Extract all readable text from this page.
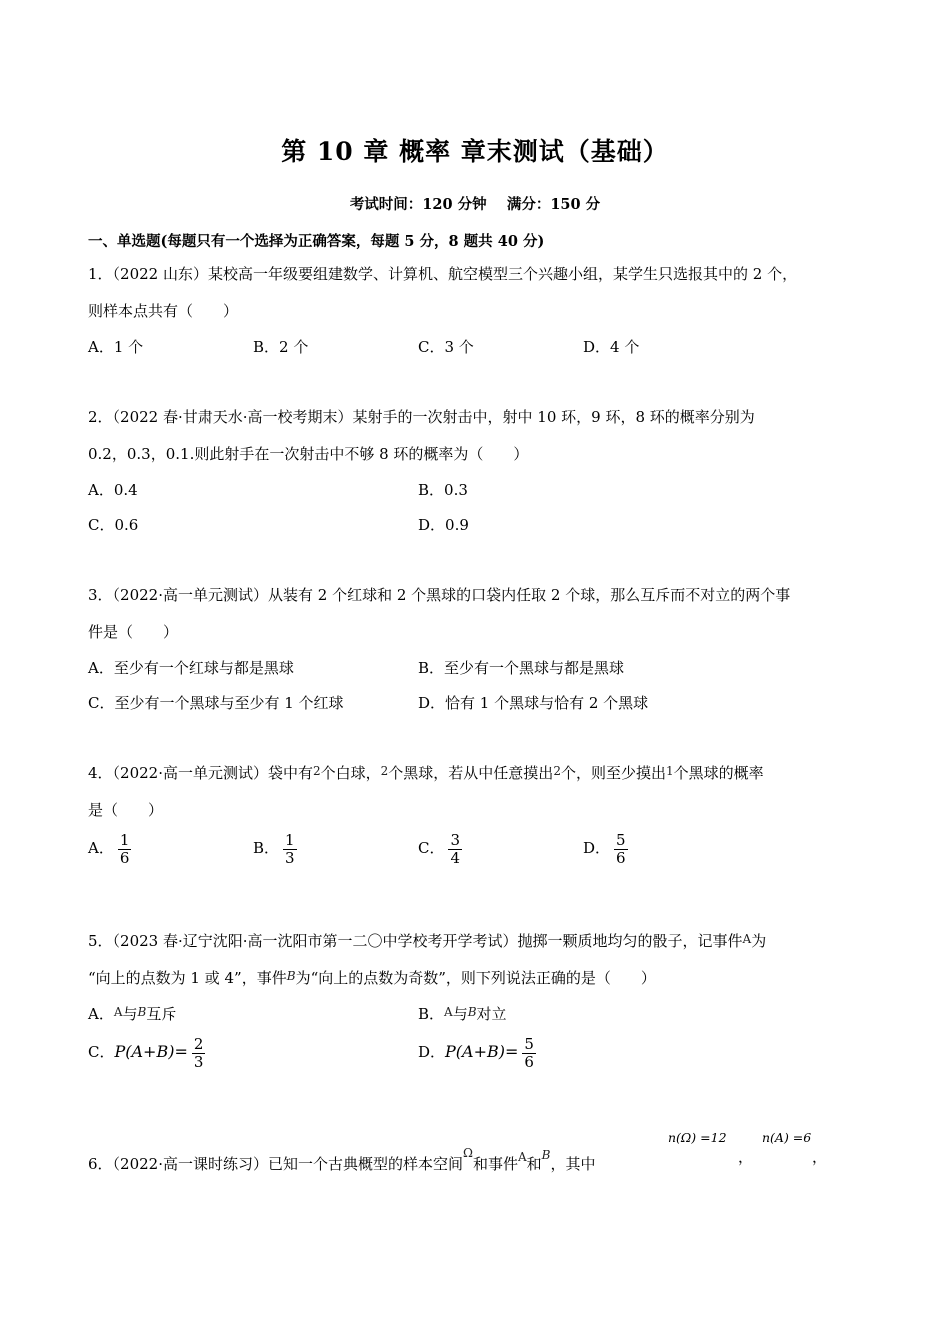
第 10 章 概率 章末测试（基础）
考试时间：120 分钟 满分：150 分
一、单选题(每题只有一个选择为正确答案，每题 5 分，8 题共 40 分)
1．（2022 山东）某校高一年级要组建数学、计算机、航空模型三个兴趣小组，某学生只选报其中的 2 个，
则样本点共有（　　）
A．1 个	B．2 个	C．3 个	D．4 个
2．（2022 春·甘肃天水·高一校考期末）某射手的一次射击中，射中 10 环，9 环，8 环的概率分别为
0.2，0.3，0.1.则此射手在一次射击中不够 8 环的概率为（　　）
A．0.4	B．0.3
C．0.6	D．0.9
3．（2022·高一单元测试）从装有 2 个红球和 2 个黑球的口袋内任取 2 个球，那么互斥而不对立的两个事
件是（　　）
A．至少有一个红球与都是黑球	B．至少有一个黑球与都是黑球
C．至少有一个黑球与至少有 1 个红球	D．恰有 1 个黑球与恰有 2 个黑球
4．（2022·高一单元测试）袋中有$^2$个白球，$^2$个黑球，若从中任意摸出$^2$个，则至少摸出$^1$个黑球的概率
是（　　）
A． $\frac{1}{6}$	B． $\frac{1}{3}$	C． $\frac{3}{4}$	D． $\frac{5}{6}$
5．（2023 春·辽宁沈阳·高一沈阳市第一二〇中学校考开学考试）抛掷一颗质地均匀的骰子，记事件$^A$为
“向上的点数为 1 或 4”，事件$^B$为“向上的点数为奇数”，则下列说法正确的是（　　）
A．$^A$与$^B$互斥	B．$^A$与$^B$对立
C．$P(A+B)= \frac{2}{3}$	D．$P(A+B)= \frac{5}{6}$
6．（2022·高一课时练习）已知一个古典概型的样本空间$^\Omega$和事件$^A$和$^B$，其中
n(Ω) =12
，
n(A) =6
，
